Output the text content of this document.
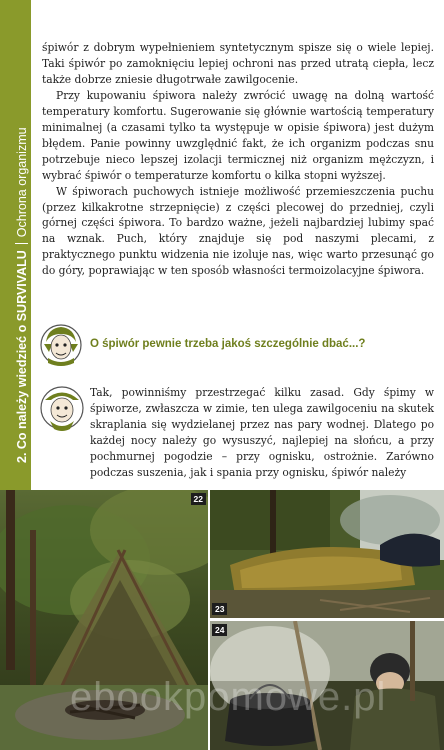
2. Co należy wiedzieć o SURVIVALUOchrona organizmu

śpiwór z dobrym wypełnieniem syntetycznym spisze się o wiele lepiej. Taki śpiwór po zamoknięciu lepiej ochroni nas przed utratą ciepła, lecz także dobrze zniesie długotrwałe zawilgocenie.

Przy kupowaniu śpiwora należy zwrócić uwagę na dolną wartość temperatury komfortu. Sugerowanie się głównie wartością temperatury minimalnej (a czasami tylko ta występuje w opisie śpiwora) jest dużym błędem. Panie powinny uwzględnić fakt, że ich organizm podczas snu potrzebuje nieco lepszej izolacji termicznej niż organizm mężczyzn, i wybrać śpiwór o temperaturze komfortu o kilka stopni wyższej.

W śpiworach puchowych istnieje możliwość przemieszczenia puchu (przez kilkakrotne strzepnięcie) z części plecowej do przedniej, czyli górnej części śpiwora. To bardzo ważne, jeżeli najbardziej lubimy spać na wznak. Puch, który znajduje się pod naszymi plecami, z praktycznego punktu widzenia nie izoluje nas, więc warto przesunąć go do góry, poprawiając w ten sposób własności termoizolacyjne śpiwora.

O śpiwór pewnie trzeba jakoś szczególnie dbać...?

Tak, powinniśmy przestrzegać kilku zasad. Gdy śpimy w śpiworze, zwłaszcza w zimie, ten ulega zawilgoceniu na skutek skraplania się wydzielanej przez nas pary wodnej. Dlatego po każdej nocy należy go wysuszyć, najlepiej na słońcu, a przy pochmurnej pogodzie – przy ognisku, ostrożnie. Zarówno podczas suszenia, jak i spania przy ognisku, śpiwór należy

22
23
24
ebookpomowe.pl
